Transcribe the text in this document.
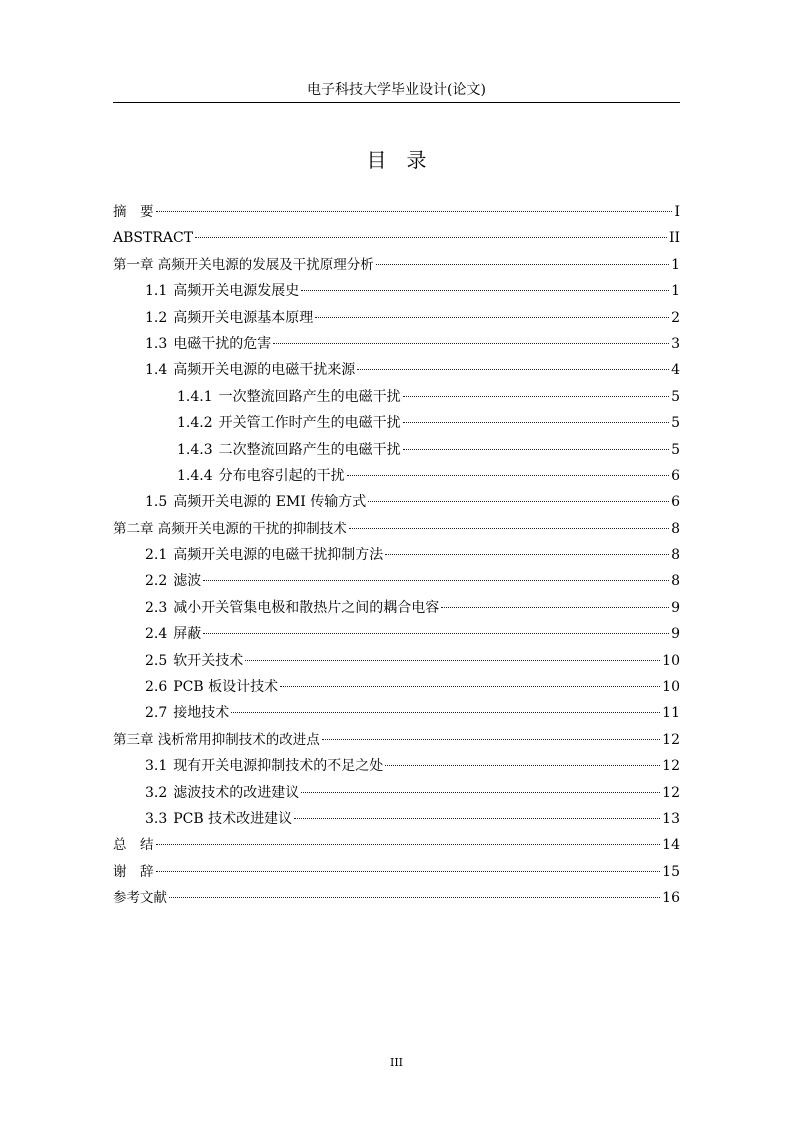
电子科技大学毕业设计(论文)
目 录
摘　要	I
ABSTRACT	II
第一章 高频开关电源的发展及干扰原理分析	1
1.1 高频开关电源发展史	1
1.2 高频开关电源基本原理	2
1.3 电磁干扰的危害	3
1.4 高频开关电源的电磁干扰来源	4
1.4.1 一次整流回路产生的电磁干扰	5
1.4.2 开关管工作时产生的电磁干扰	5
1.4.3 二次整流回路产生的电磁干扰	5
1.4.4 分布电容引起的干扰	6
1.5 高频开关电源的 EMI 传输方式	6
第二章 高频开关电源的干扰的抑制技术	8
2.1 高频开关电源的电磁干扰抑制方法	8
2.2 滤波	8
2.3 减小开关管集电极和散热片之间的耦合电容	9
2.4 屏蔽	9
2.5 软开关技术	10
2.6 PCB 板设计技术	10
2.7 接地技术	11
第三章 浅析常用抑制技术的改进点	12
3.1 现有开关电源抑制技术的不足之处	12
3.2 滤波技术的改进建议	12
3.3 PCB 技术改进建议	13
总　结	14
谢　辞	15
参考文献	16
III
